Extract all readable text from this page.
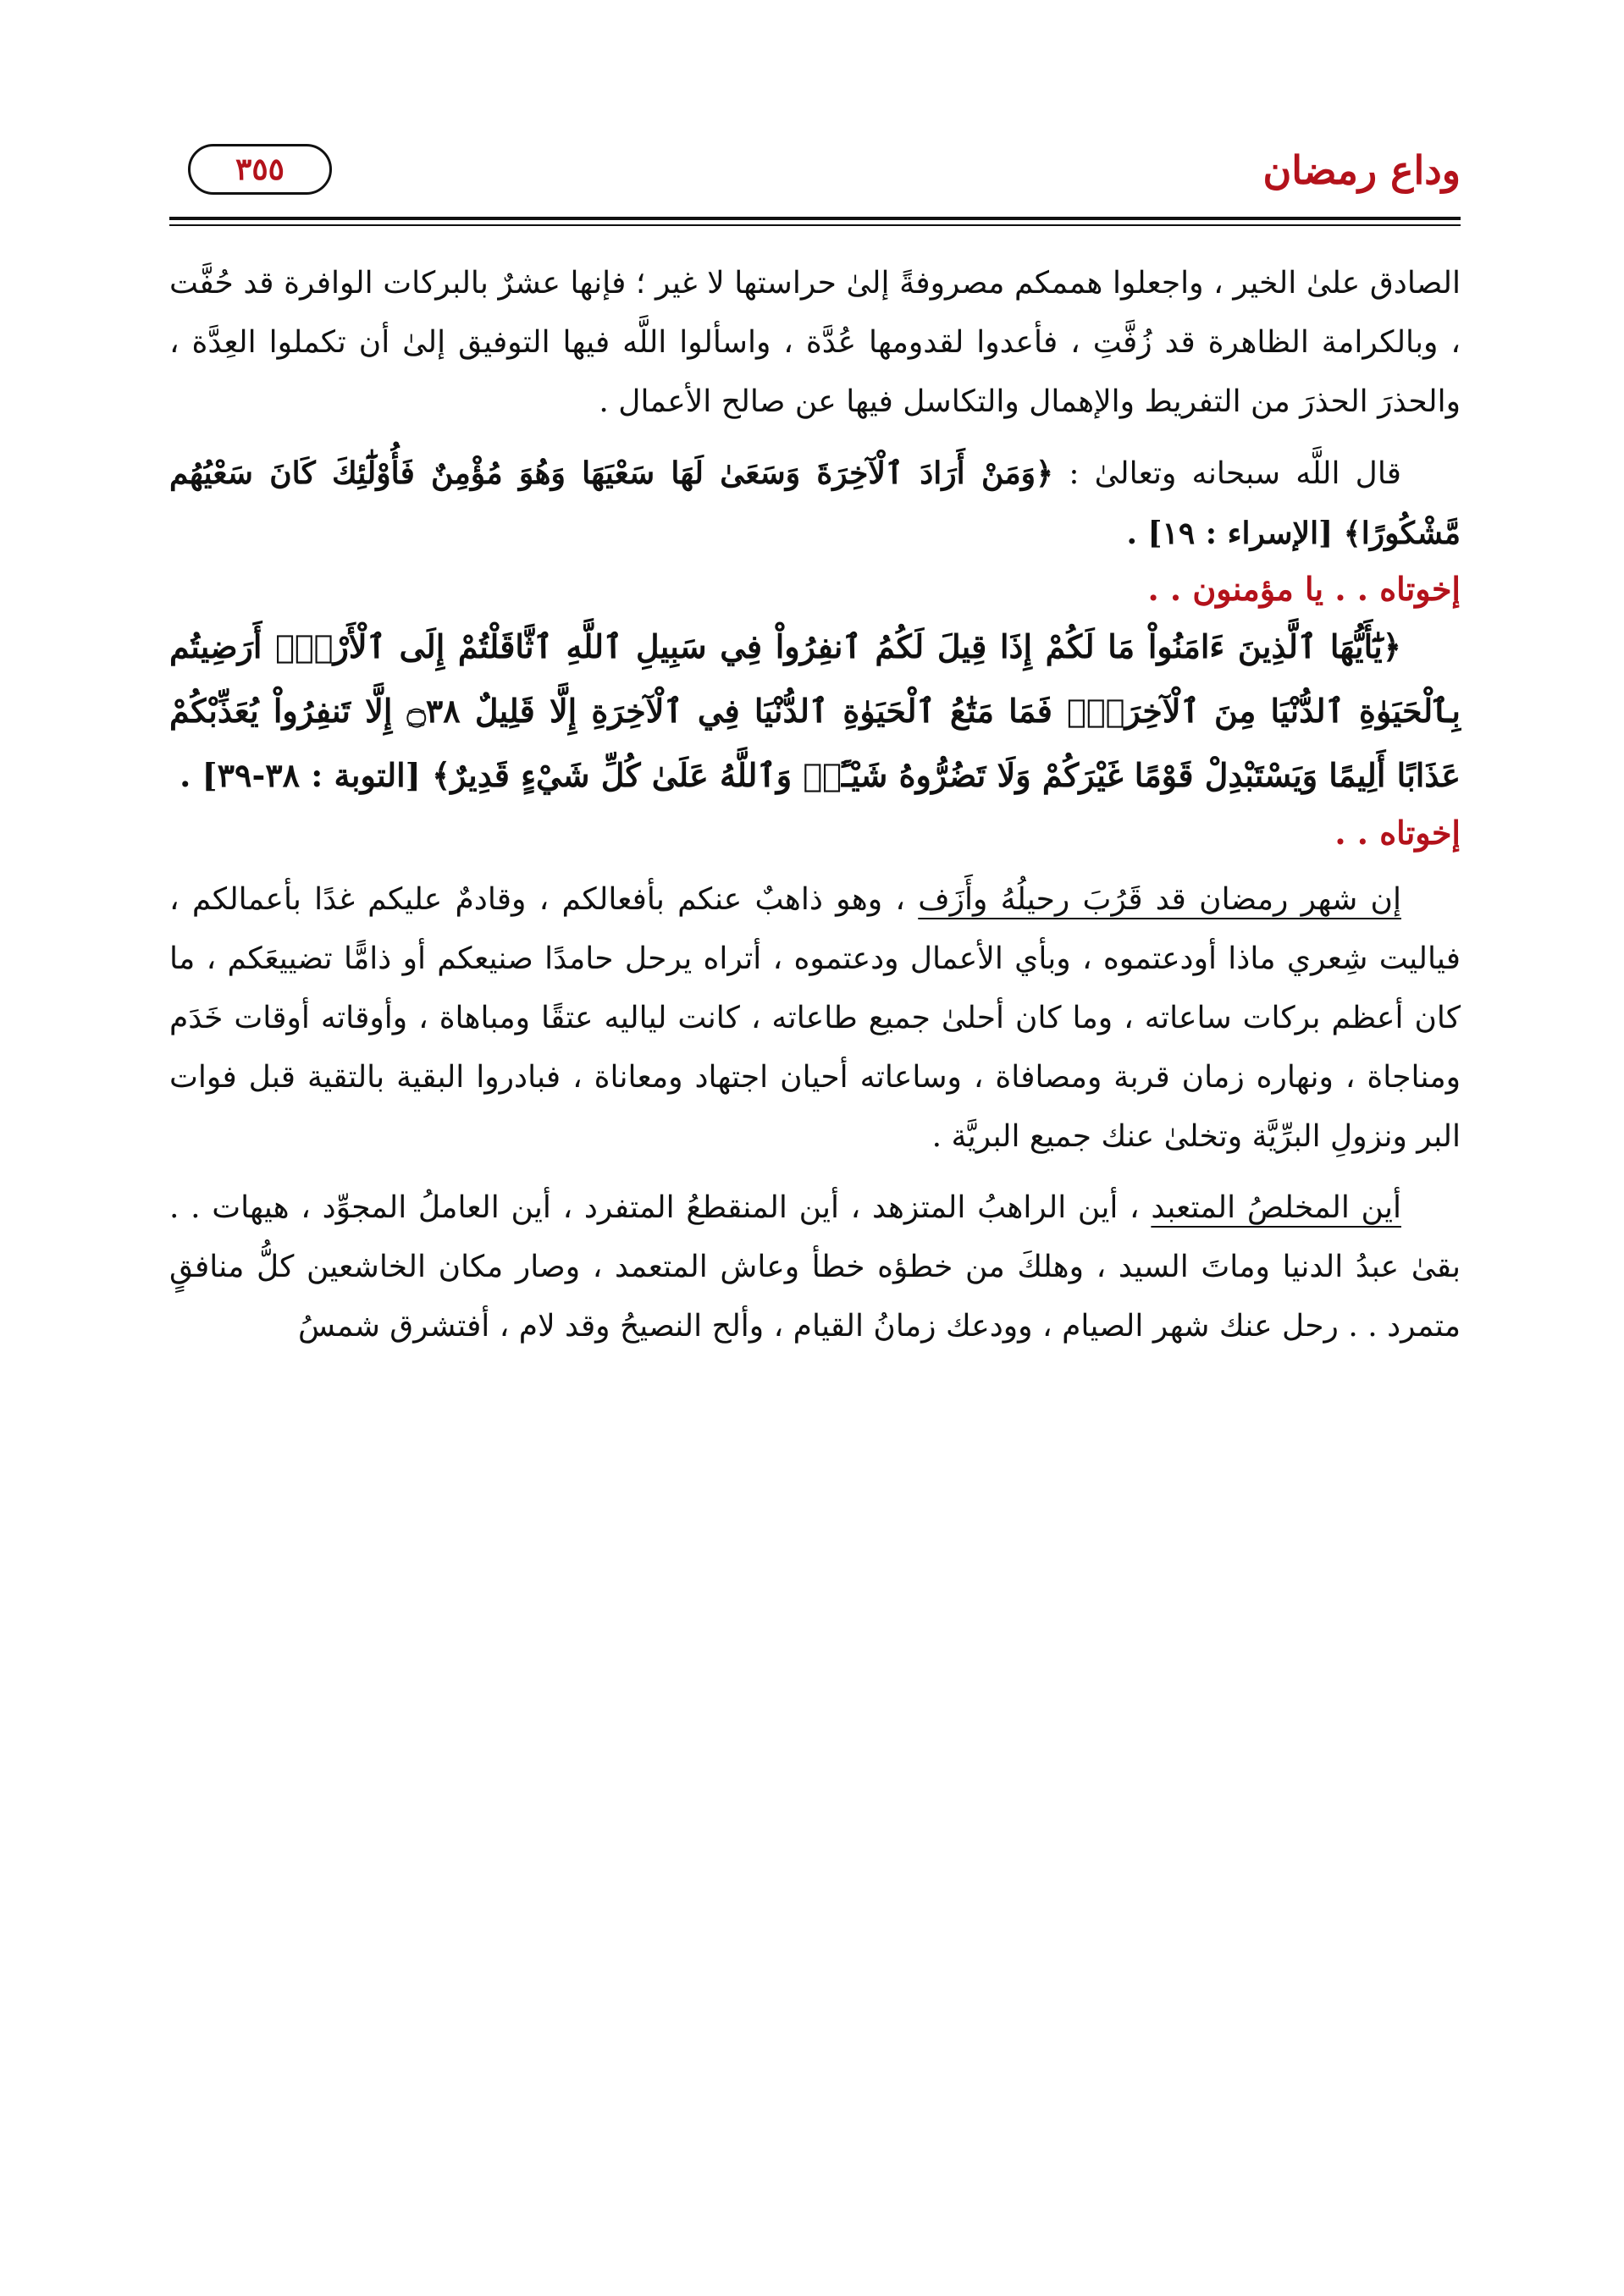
وداع رمضان
٣٥٥

الصادق علىٰ الخير ، واجعلوا هممكم مصروفةً إلىٰ حراستها لا غير ؛ فإنها عشرٌ بالبركات الوافرة قد حُفَّت ، وبالكرامة الظاهرة قد زُفَّتِ ، فأعدوا لقدومها عُدَّة ، واسألوا اللَّه فيها التوفيق إلىٰ أن تكملوا العِدَّة ، والحذرَ الحذرَ من التفريط والإهمال والتكاسل فيها عن صالح الأعمال .

قال اللَّه سبحانه وتعالىٰ : ﴿وَمَنْ أَرَادَ ٱلْآخِرَةَ وَسَعَىٰ لَهَا سَعْيَهَا وَهُوَ مُؤْمِنٌ فَأُوْلَٰٓئِكَ كَانَ سَعْيُهُم مَّشْكُورًا﴾ [الإسراء : ١٩] .

إخوتاه . . يا مؤمنون . .

﴿يَٰٓأَيُّهَا ٱلَّذِينَ ءَامَنُواْ مَا لَكُمْ إِذَا قِيلَ لَكُمُ ٱنفِرُواْ فِي سَبِيلِ ٱللَّهِ ٱثَّاقَلْتُمْ إِلَى ٱلْأَرْضِۚ أَرَضِيتُم بِٱلْحَيَوٰةِ ٱلدُّنْيَا مِنَ ٱلْآخِرَةِۚ فَمَا مَتَٰعُ ٱلْحَيَوٰةِ ٱلدُّنْيَا فِي ٱلْآخِرَةِ إِلَّا قَلِيلٌ ۝٣٨ إِلَّا تَنفِرُواْ يُعَذِّبْكُمْ عَذَابًا أَلِيمًا وَيَسْتَبْدِلْ قَوْمًا غَيْرَكُمْ وَلَا تَضُرُّوهُ شَيْـًٔاۗ وَٱللَّهُ عَلَىٰ كُلِّ شَيْءٍ قَدِيرٌ﴾ [التوبة : ٣٨-٣٩] .

إخوتاه . .

إن شهر رمضان قد قَرُبَ رحيلُهُ وأَزَف ، وهو ذاهبٌ عنكم بأفعالكم ، وقادمٌ عليكم غدًا بأعمالكم ، فياليت شِعري ماذا أودعتموه ، وبأي الأعمال ودعتموه ، أتراه يرحل حامدًا صنيعكم أو ذامًّا تضييعَكم ، ما كان أعظم بركات ساعاته ، وما كان أحلىٰ جميع طاعاته ، كانت لياليه عتقًا ومباهاة ، وأوقاته أوقات خَدَم ومناجاة ، ونهاره زمان قربة ومصافاة ، وساعاته أحيان اجتهاد ومعاناة ، فبادروا البقية بالتقية قبل فوات البر ونزولِ البرِّيَّة وتخلىٰ عنك جميع البريَّة .

أين المخلصُ المتعبد ، أين الراهبُ المتزهد ، أين المنقطعُ المتفرد ، أين العاملُ المجوِّد ، هيهات . . بقىٰ عبدُ الدنيا وماتَ السيد ، وهلكَ من خطؤه خطأ وعاش المتعمد ، وصار مكان الخاشعين كلُّ منافقٍ متمرد . . رحل عنك شهر الصيام ، وودعك زمانُ القيام ، وألح النصيحُ وقد لام ، أفتشرق شمسُ
